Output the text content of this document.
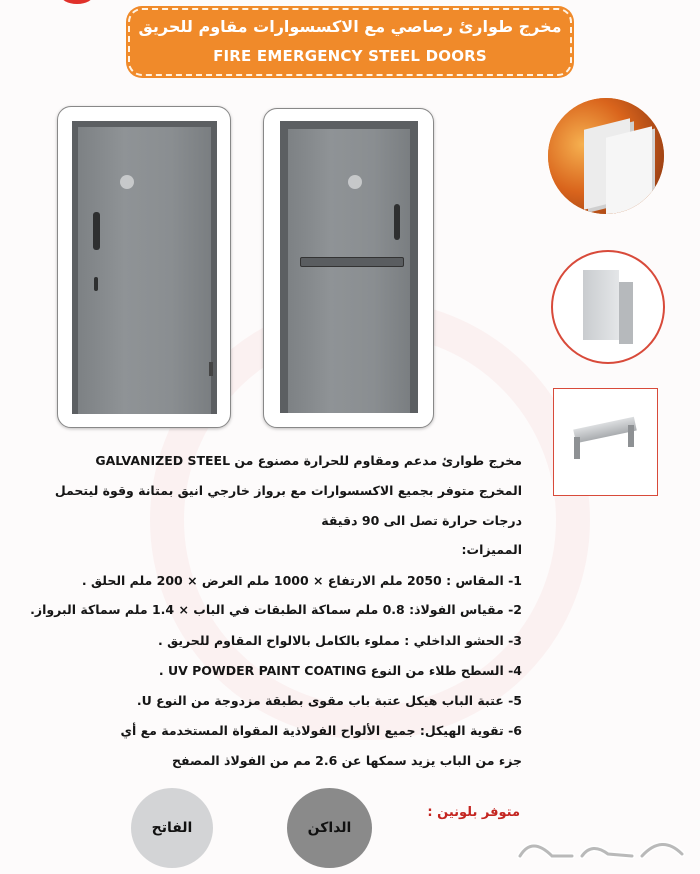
مخرج طوارئ رصاصي مع الاكسسوارات مقاوم للحريق
FIRE EMERGENCY STEEL DOORS
مخرج طوارئ مدعم ومقاوم للحرارة مصنوع من GALVANIZED STEEL
المخرج متوفر بجميع الاكسسوارات مع برواز خارجي انيق بمتانة وقوة ليتحمل
درجات حرارة تصل الى 90 دقيقة
المميزات:
1- المقاس : 2050 ملم الارتفاع × 1000 ملم العرض × 200 ملم الحلق .
2- مقياس الفولاذ: 0.8 ملم سماكة الطبقات في الباب × 1.4 ملم سماكة البرواز.
3- الحشو الداخلي : مملوء بالكامل بالالواح المقاوم للحريق .
4- السطح طلاء من النوع UV POWDER PAINT COATING .
5- عتبة الباب هيكل عتبة باب مقوى بطبقة مزدوجة من النوع U.
6- تقوية الهيكل: جميع الألواح الفولاذية المقواة المستخدمة مع أي
جزء من الباب يزيد سمكها عن 2.6 مم من الفولاذ المصفح
الفاتح	الداكن
متوفر بلونين :
